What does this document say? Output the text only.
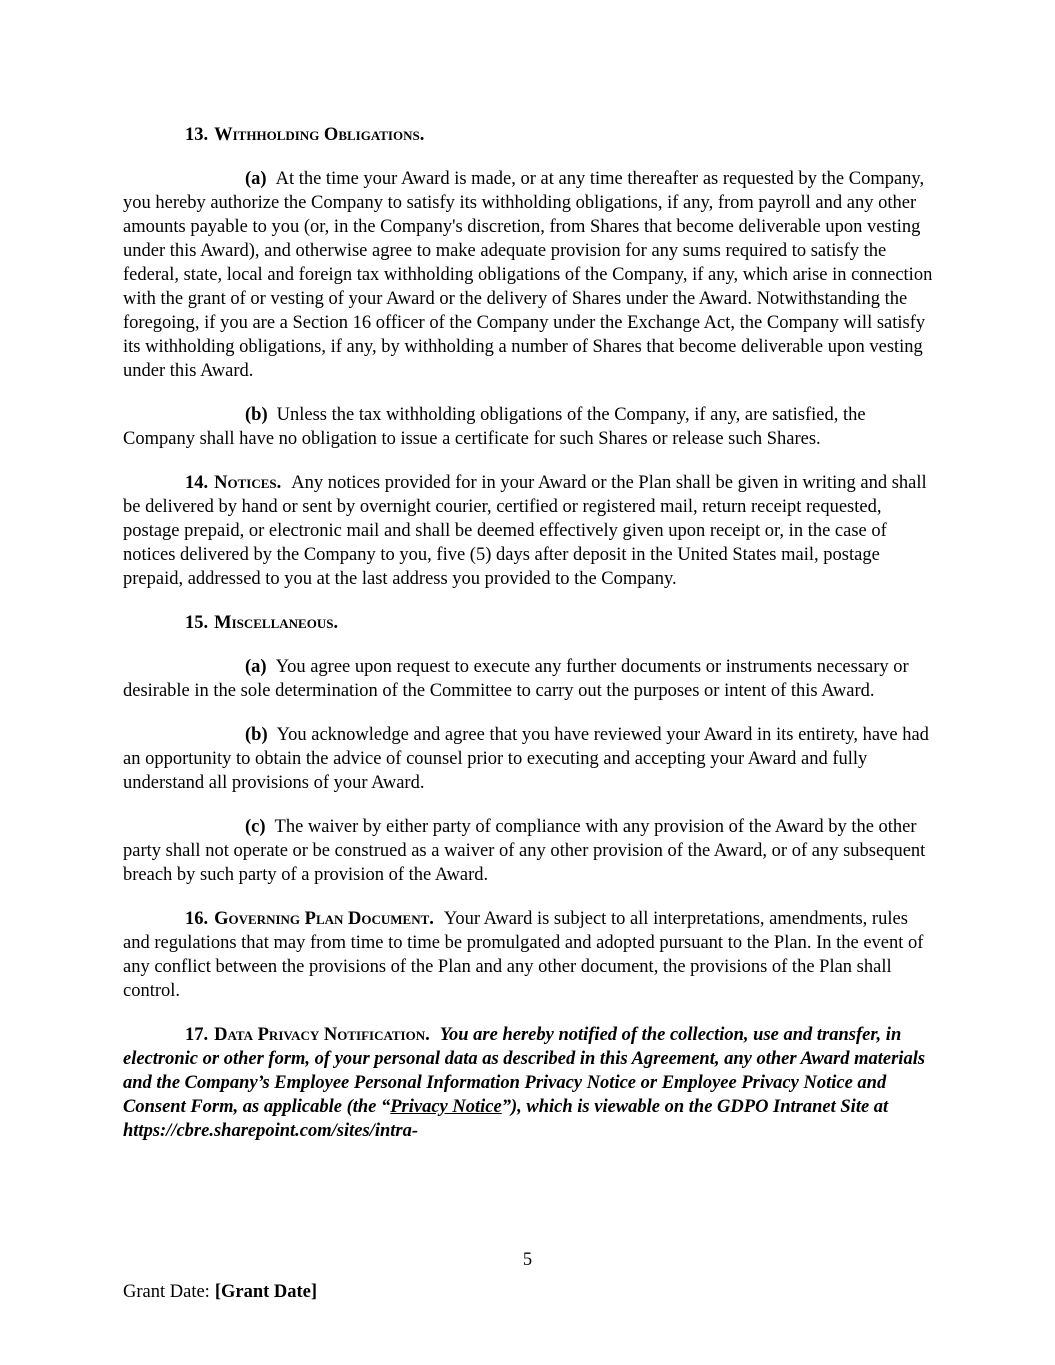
13. Withholding Obligations.

(a) At the time your Award is made, or at any time thereafter as requested by the Company, you hereby authorize the Company to satisfy its withholding obligations, if any, from payroll and any other amounts payable to you (or, in the Company's discretion, from Shares that become deliverable upon vesting under this Award), and otherwise agree to make adequate provision for any sums required to satisfy the federal, state, local and foreign tax withholding obligations of the Company, if any, which arise in connection with the grant of or vesting of your Award or the delivery of Shares under the Award. Notwithstanding the foregoing, if you are a Section 16 officer of the Company under the Exchange Act, the Company will satisfy its withholding obligations, if any, by withholding a number of Shares that become deliverable upon vesting under this Award.

(b) Unless the tax withholding obligations of the Company, if any, are satisfied, the Company shall have no obligation to issue a certificate for such Shares or release such Shares.

14. Notices. Any notices provided for in your Award or the Plan shall be given in writing and shall be delivered by hand or sent by overnight courier, certified or registered mail, return receipt requested, postage prepaid, or electronic mail and shall be deemed effectively given upon receipt or, in the case of notices delivered by the Company to you, five (5) days after deposit in the United States mail, postage prepaid, addressed to you at the last address you provided to the Company.

15. Miscellaneous.

(a) You agree upon request to execute any further documents or instruments necessary or desirable in the sole determination of the Committee to carry out the purposes or intent of this Award.

(b) You acknowledge and agree that you have reviewed your Award in its entirety, have had an opportunity to obtain the advice of counsel prior to executing and accepting your Award and fully understand all provisions of your Award.

(c) The waiver by either party of compliance with any provision of the Award by the other party shall not operate or be construed as a waiver of any other provision of the Award, or of any subsequent breach by such party of a provision of the Award.

16. Governing Plan Document. Your Award is subject to all interpretations, amendments, rules and regulations that may from time to time be promulgated and adopted pursuant to the Plan. In the event of any conflict between the provisions of the Plan and any other document, the provisions of the Plan shall control.

17. Data Privacy Notification. You are hereby notified of the collection, use and transfer, in electronic or other form, of your personal data as described in this Agreement, any other Award materials and the Company’s Employee Personal Information Privacy Notice or Employee Privacy Notice and Consent Form, as applicable (the “Privacy Notice”), which is viewable on the GDPO Intranet Site at https://cbre.sharepoint.com/sites/intra-

5
Grant Date: [Grant Date]
